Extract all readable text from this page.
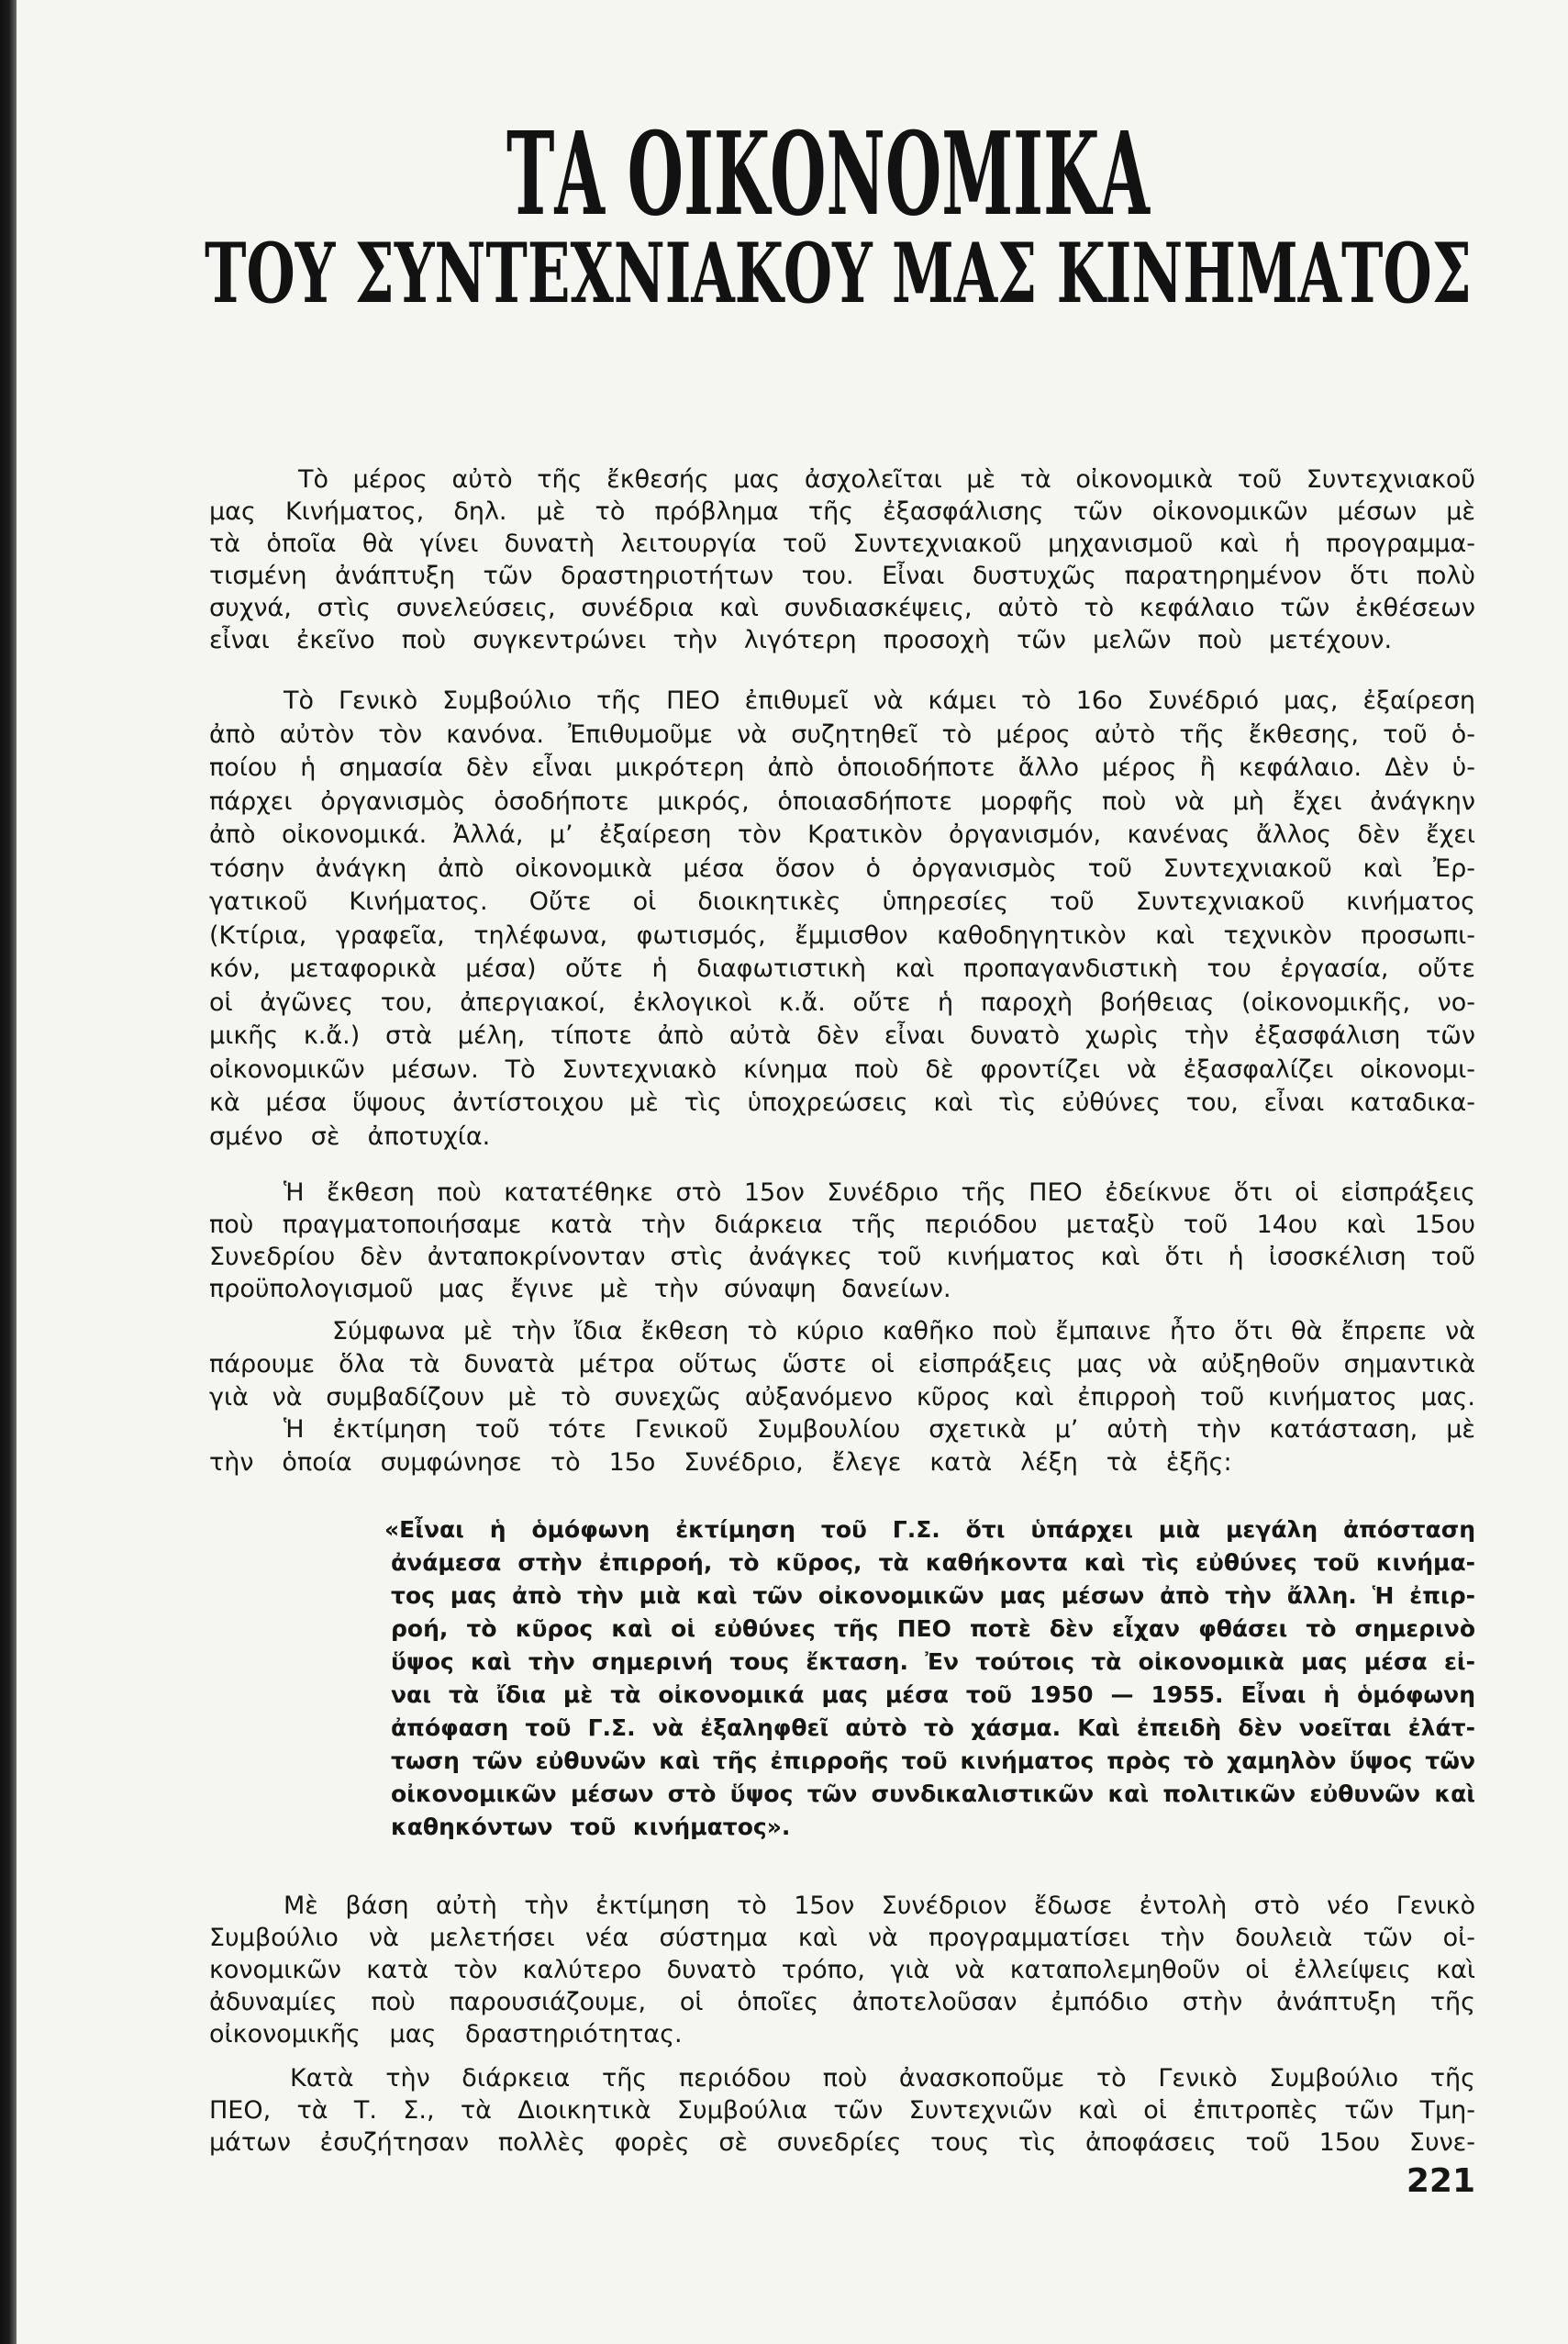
ΤΑ ΟΙΚΟΝΟΜΙΚΑ
ΤΟΥ ΣΥΝΤΕΧΝΙΑΚΟΥ ΜΑΣ ΚΙΝΗΜΑΤΟΣ
Τὸ μέρος αὐτὸ τῆς ἔκθεσής μας ἀσχολεῖται μὲ τὰ οἰκονομικὰ τοῦ Συντεχνιακοῦ
μας Κινήματος, δηλ. μὲ τὸ πρόβλημα τῆς ἐξασφάλισης τῶν οἰκονομικῶν μέσων μὲ
τὰ ὁποῖα θὰ γίνει δυνατὴ λειτουργία τοῦ Συντεχνιακοῦ μηχανισμοῦ καὶ ἡ προγραμμα-
τισμένη ἀνάπτυξη τῶν δραστηριοτήτων του. Εἶναι δυστυχῶς παρατηρημένον ὅτι πολὺ
συχνά, στὶς συνελεύσεις, συνέδρια καὶ συνδιασκέψεις, αὐτὸ τὸ κεφάλαιο τῶν ἐκθέσεων
εἶναι ἐκεῖνο ποὺ συγκεντρώνει τὴν λιγότερη προσοχὴ τῶν μελῶν ποὺ μετέχουν.
Τὸ Γενικὸ Συμβούλιο τῆς ΠΕΟ ἐπιθυμεῖ νὰ κάμει τὸ 16ο Συνέδριό μας, ἐξαίρεση
ἀπὸ αὐτὸν τὸν κανόνα. Ἐπιθυμοῦμε νὰ συζητηθεῖ τὸ μέρος αὐτὸ τῆς ἔκθεσης, τοῦ ὁ-
ποίου ἡ σημασία δὲν εἶναι μικρότερη ἀπὸ ὁποιοδήποτε ἄλλο μέρος ἢ κεφάλαιο. Δὲν ὑ-
πάρχει ὀργανισμὸς ὁσοδήποτε μικρός, ὁποιασδήποτε μορφῆς ποὺ νὰ μὴ ἔχει ἀνάγκην
ἀπὸ οἰκονομικά. Ἀλλά, μ’ ἐξαίρεση τὸν Κρατικὸν ὀργανισμόν, κανένας ἄλλος δὲν ἔχει
τόσην ἀνάγκη ἀπὸ οἰκονομικὰ μέσα ὅσον ὁ ὀργανισμὸς τοῦ Συντεχνιακοῦ καὶ Ἐρ-
γατικοῦ Κινήματος. Οὔτε οἱ διοικητικὲς ὑπηρεσίες τοῦ Συντεχνιακοῦ κινήματος
(Κτίρια, γραφεῖα, τηλέφωνα, φωτισμός, ἔμμισθον καθοδηγητικὸν καὶ τεχνικὸν προσωπι-
κόν, μεταφορικὰ μέσα) οὔτε ἡ διαφωτιστικὴ καὶ προπαγανδιστικὴ του ἐργασία, οὔτε
οἱ ἀγῶνες του, ἀπεργιακοί, ἐκλογικοὶ κ.ἄ. οὔτε ἡ παροχὴ βοήθειας (οἰκονομικῆς, νο-
μικῆς κ.ἄ.) στὰ μέλη, τίποτε ἀπὸ αὐτὰ δὲν εἶναι δυνατὸ χωρὶς τὴν ἐξασφάλιση τῶν
οἰκονομικῶν μέσων. Τὸ Συντεχνιακὸ κίνημα ποὺ δὲ φροντίζει νὰ ἐξασφαλίζει οἰκονομι-
κὰ μέσα ὕψους ἀντίστοιχου μὲ τὶς ὑποχρεώσεις καὶ τὶς εὐθύνες του, εἶναι καταδικα-
σμένο σὲ ἀποτυχία.
Ἡ ἔκθεση ποὺ κατατέθηκε στὸ 15ον Συνέδριο τῆς ΠΕΟ ἐδείκνυε ὅτι οἱ εἰσπράξεις
ποὺ πραγματοποιήσαμε κατὰ τὴν διάρκεια τῆς περιόδου μεταξὺ τοῦ 14ου καὶ 15ου
Συνεδρίου δὲν ἀνταποκρίνονταν στὶς ἀνάγκες τοῦ κινήματος καὶ ὅτι ἡ ἰσοσκέλιση τοῦ
προϋπολογισμοῦ μας ἔγινε μὲ τὴν σύναψη δανείων.
Σύμφωνα μὲ τὴν ἴδια ἔκθεση τὸ κύριο καθῆκο ποὺ ἔμπαινε ἦτο ὅτι θὰ ἔπρεπε νὰ
πάρουμε ὅλα τὰ δυνατὰ μέτρα οὕτως ὥστε οἱ εἰσπράξεις μας νὰ αὐξηθοῦν σημαντικὰ
γιὰ νὰ συμβαδίζουν μὲ τὸ συνεχῶς αὐξανόμενο κῦρος καὶ ἐπιρροὴ τοῦ κινήματος μας.
Ἡ ἐκτίμηση τοῦ τότε Γενικοῦ Συμβουλίου σχετικὰ μ’ αὐτὴ τὴν κατάσταση, μὲ
τὴν ὁποία συμφώνησε τὸ 15ο Συνέδριο, ἔλεγε κατὰ λέξη τὰ ἑξῆς:
«Εἶναι ἡ ὁμόφωνη ἐκτίμηση τοῦ Γ.Σ. ὅτι ὑπάρχει μιὰ μεγάλη ἀπόσταση
ἀνάμεσα στὴν ἐπιρροή, τὸ κῦρος, τὰ καθήκοντα καὶ τὶς εὐθύνες τοῦ κινήμα-
τος μας ἀπὸ τὴν μιὰ καὶ τῶν οἰκονομικῶν μας μέσων ἀπὸ τὴν ἄλλη. Ἡ ἐπιρ-
ροή, τὸ κῦρος καὶ οἱ εὐθύνες τῆς ΠΕΟ ποτὲ δὲν εἶχαν φθάσει τὸ σημερινὸ
ὕψος καὶ τὴν σημερινή τους ἔκταση. Ἐν τούτοις τὰ οἰκονομικὰ μας μέσα εἰ-
ναι τὰ ἴδια μὲ τὰ οἰκονομικά μας μέσα τοῦ 1950 — 1955. Εἶναι ἡ ὁμόφωνη
ἀπόφαση τοῦ Γ.Σ. νὰ ἐξαληφθεῖ αὐτὸ τὸ χάσμα. Καὶ ἐπειδὴ δὲν νοεῖται ἐλάτ-
τωση τῶν εὐθυνῶν καὶ τῆς ἐπιρροῆς τοῦ κινήματος πρὸς τὸ χαμηλὸν ὕψος τῶν
οἰκονομικῶν μέσων στὸ ὕψος τῶν συνδικαλιστικῶν καὶ πολιτικῶν εὐθυνῶν καὶ
καθηκόντων τοῦ κινήματος».
Μὲ βάση αὐτὴ τὴν ἐκτίμηση τὸ 15ον Συνέδριον ἔδωσε ἐντολὴ στὸ νέο Γενικὸ
Συμβούλιο νὰ μελετήσει νέα σύστημα καὶ νὰ προγραμματίσει τὴν δουλειὰ τῶν οἰ-
κονομικῶν κατὰ τὸν καλύτερο δυνατὸ τρόπο, γιὰ νὰ καταπολεμηθοῦν οἱ ἐλλείψεις καὶ
ἀδυναμίες ποὺ παρουσιάζουμε, οἱ ὁποῖες ἀποτελοῦσαν ἐμπόδιο στὴν ἀνάπτυξη τῆς
οἰκονομικῆς μας δραστηριότητας.
Κατὰ τὴν διάρκεια τῆς περιόδου ποὺ ἀνασκοποῦμε τὸ Γενικὸ Συμβούλιο τῆς
ΠΕΟ, τὰ Τ. Σ., τὰ Διοικητικὰ Συμβούλια τῶν Συντεχνιῶν καὶ οἱ ἐπιτροπὲς τῶν Τμη-
μάτων ἐσυζήτησαν πολλὲς φορὲς σὲ συνεδρίες τους τὶς ἀποφάσεις τοῦ 15ου Συνε-
221
